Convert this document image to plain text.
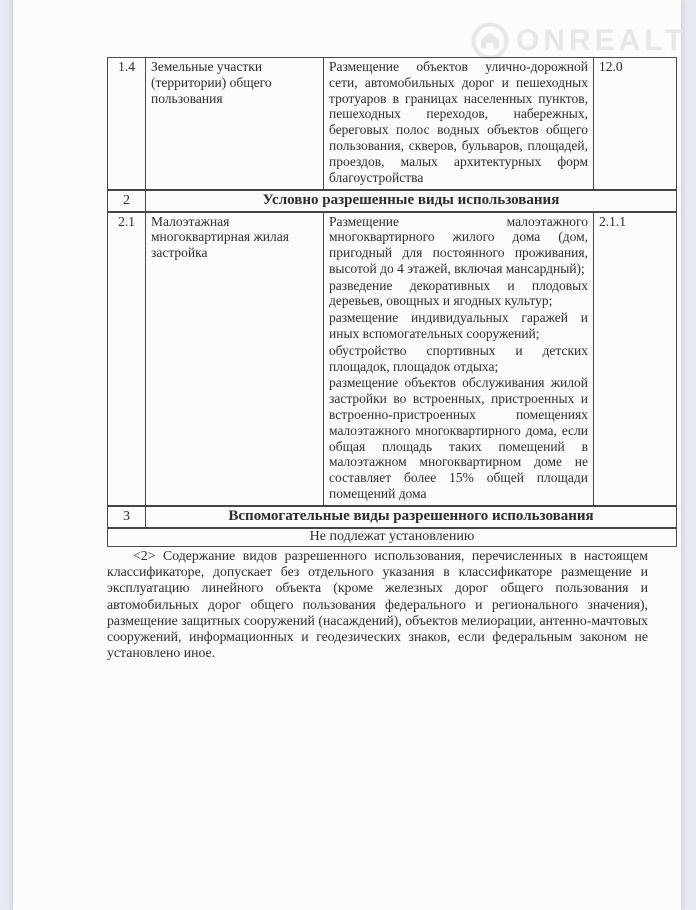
ONREALT
1.4	Земельные участки (территории) общего пользования	Размещение объектов улично-дорожной сети, автомобильных дорог и пешеходных тротуаров в границах населенных пунктов, пешеходных переходов, набережных, береговых полос водных объектов общего пользования, скверов, бульваров, площадей, проездов, малых архитектурных форм благоустройства	12.0
2	Условно разрешенные виды использования		
2.1	Малоэтажная многоквартирная жилая застройка	Размещение малоэтажного многоквартирного жилого дома (дом, пригодный для постоянного проживания, высотой до 4 этажей, включая мансардный);

разведение декоративных и плодовых деревьев, овощных и ягодных культур;

размещение индивидуальных гаражей и иных вспомогательных сооружений;

обустройство спортивных и детских площадок, площадок отдыха;

размещение объектов обслуживания жилой застройки во встроенных, пристроенных и встроенно-пристроенных помещениях малоэтажного многоквартирного дома, если общая площадь таких помещений в малоэтажном многоквартирном доме не составляет более 15% общей площади помещений дома	2.1.1
3	Вспомогательные виды разрешенного использования		
Не подлежат установлению			

<2> Содержание видов разрешенного использования, перечисленных в настоящем классификаторе, допускает без отдельного указания в классификаторе размещение и эксплуатацию линейного объекта (кроме железных дорог общего пользования и автомобильных дорог общего пользования федерального и регионального значения), размещение защитных сооружений (насаждений), объектов мелиорации, антенно-мачтовых сооружений, информационных и геодезических знаков, если федеральным законом не установлено иное.
